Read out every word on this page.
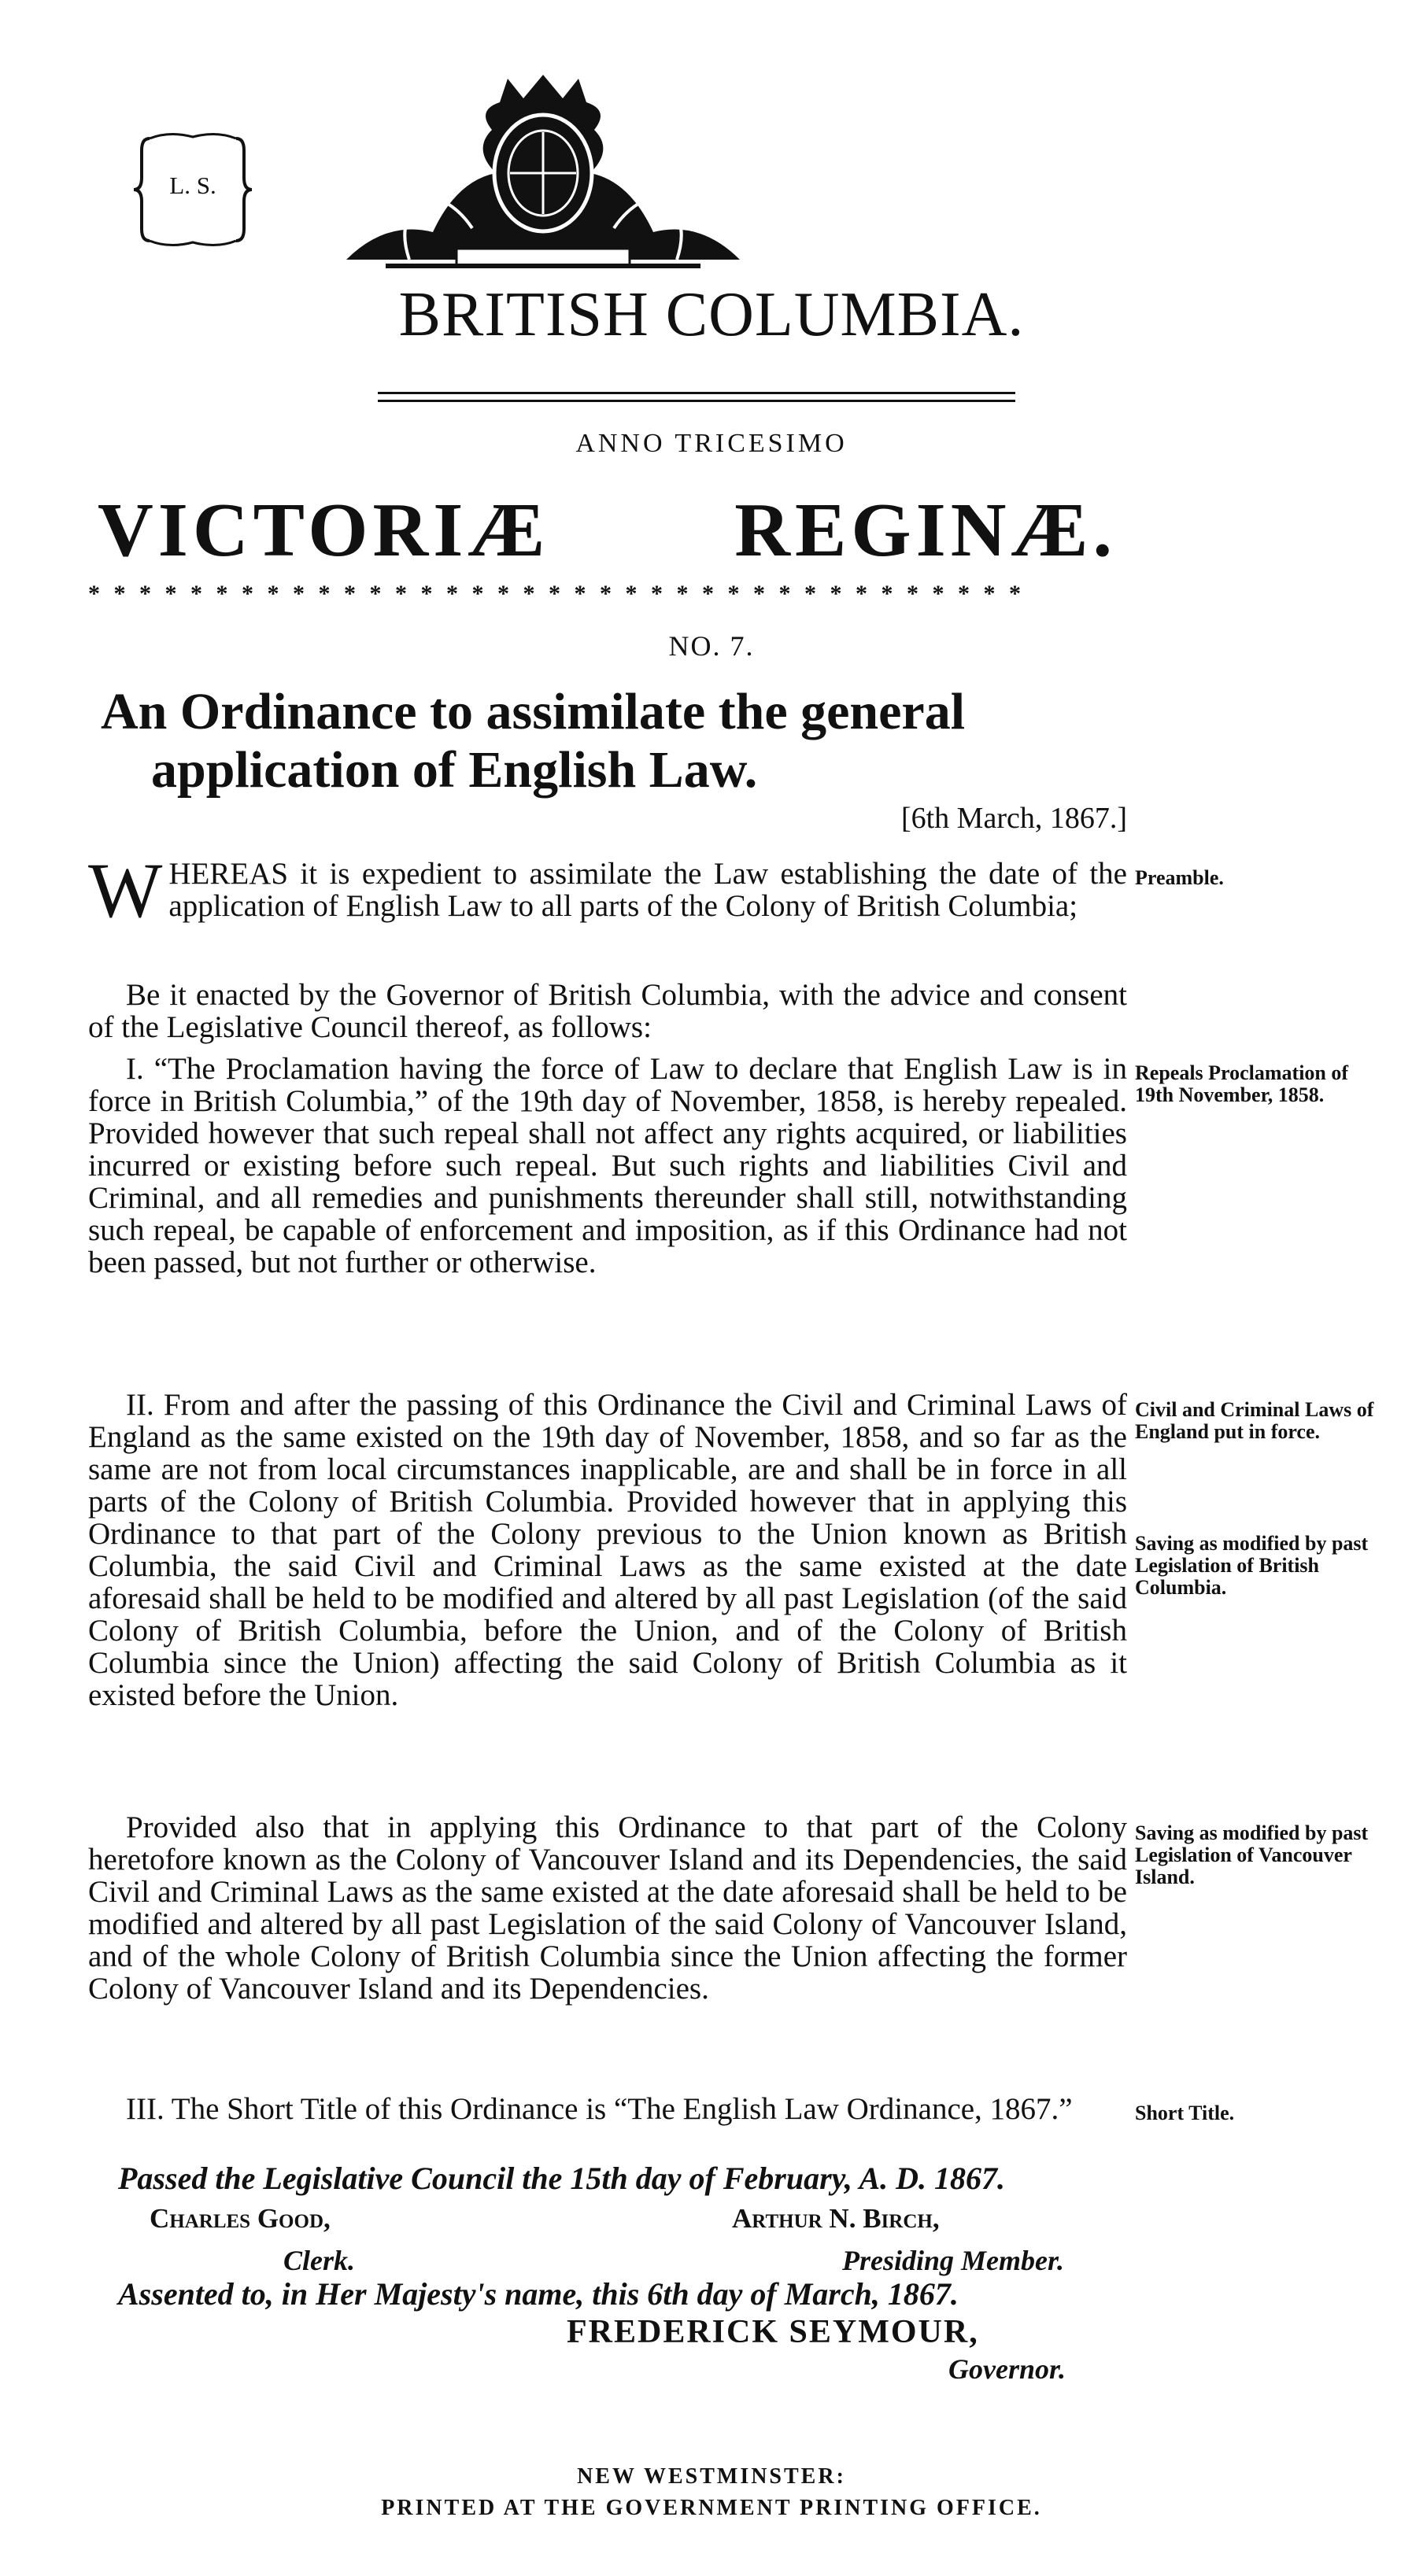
L. S.
BRITISH COLUMBIA.
ANNO TRICESIMO
VICTORIÆ REGINÆ.
* * * * * * * * * * * * * * * * * * * * * * * * * * * * * * * * * * * * *
NO. 7.
An Ordinance to assimilate the general
application of English Law.
[6th March, 1867.]
W HEREAS it is expedient to assimilate the Law establishing the date of the application of English Law to all parts of the Colony of British Columbia;
Be it enacted by the Governor of British Columbia, with the advice and consent of the Legislative Council thereof, as follows:
I. “The Proclamation having the force of Law to declare that English Law is in force in British Columbia,” of the 19th day of November, 1858, is hereby repealed. Provided however that such repeal shall not affect any rights acquired, or liabilities incurred or existing before such repeal. But such rights and liabilities Civil and Criminal, and all remedies and punishments thereunder shall still, notwithstanding such repeal, be capable of enforcement and imposition, as if this Ordinance had not been passed, but not further or otherwise.
II. From and after the passing of this Ordinance the Civil and Criminal Laws of England as the same existed on the 19th day of November, 1858, and so far as the same are not from local circumstances inapplicable, are and shall be in force in all parts of the Colony of British Columbia. Provided however that in applying this Ordinance to that part of the Colony previous to the Union known as British Columbia, the said Civil and Criminal Laws as the same existed at the date aforesaid shall be held to be modified and altered by all past Legislation (of the said Colony of British Columbia, before the Union, and of the Colony of British Columbia since the Union) affecting the said Colony of British Columbia as it existed before the Union.
Provided also that in applying this Ordinance to that part of the Colony heretofore known as the Colony of Vancouver Island and its Dependencies, the said Civil and Criminal Laws as the same existed at the date aforesaid shall be held to be modified and altered by all past Legislation of the said Colony of Vancouver Island, and of the whole Colony of British Columbia since the Union affecting the former Colony of Vancouver Island and its Dependencies.
III. The Short Title of this Ordinance is “The English Law Ordinance, 1867.”
Preamble.
Repeals Proclamation of 19th November, 1858.
Civil and Criminal Laws of England put in force.
Saving as modified by past Legislation of British Columbia.
Saving as modified by past Legislation of Vancouver Island.
Short Title.
Passed the Legislative Council the 15th day of February, A. D. 1867.
Charles Good,
Clerk.
Arthur N. Birch,
Presiding Member.
Assented to, in Her Majesty's name, this 6th day of March, 1867.
FREDERICK SEYMOUR,
Governor.
NEW WESTMINSTER:
PRINTED AT THE GOVERNMENT PRINTING OFFICE.
